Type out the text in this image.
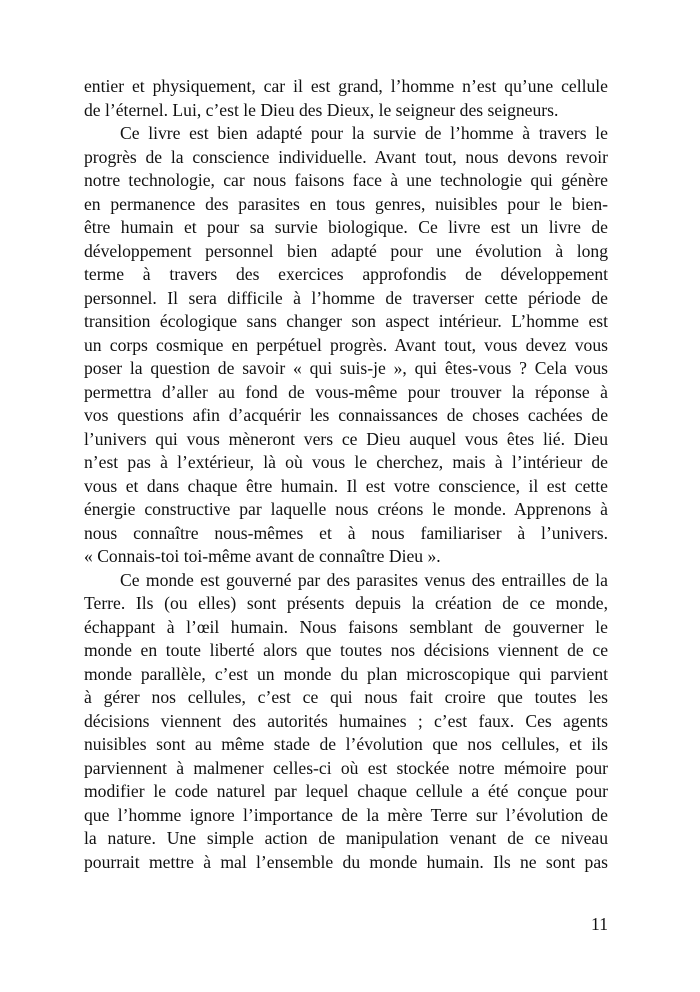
entier et physiquement, car il est grand, l’homme n’est qu’une cellule
de l’éternel. Lui, c’est le Dieu des Dieux, le seigneur des seigneurs.
Ce livre est bien adapté pour la survie de l’homme à travers le
progrès de la conscience individuelle. Avant tout, nous devons revoir
notre technologie, car nous faisons face à une technologie qui génère
en permanence des parasites en tous genres, nuisibles pour le bien-
être humain et pour sa survie biologique. Ce livre est un livre de
développement personnel bien adapté pour une évolution à long
terme à travers des exercices approfondis de développement
personnel. Il sera difficile à l’homme de traverser cette période de
transition écologique sans changer son aspect intérieur. L’homme est
un corps cosmique en perpétuel progrès. Avant tout, vous devez vous
poser la question de savoir « qui suis-je », qui êtes-vous ? Cela vous
permettra d’aller au fond de vous-même pour trouver la réponse à
vos questions afin d’acquérir les connaissances de choses cachées de
l’univers qui vous mèneront vers ce Dieu auquel vous êtes lié. Dieu
n’est pas à l’extérieur, là où vous le cherchez, mais à l’intérieur de
vous et dans chaque être humain. Il est votre conscience, il est cette
énergie constructive par laquelle nous créons le monde. Apprenons à
nous connaître nous-mêmes et à nous familiariser à l’univers.
« Connais-toi toi-même avant de connaître Dieu ».
Ce monde est gouverné par des parasites venus des entrailles de la
Terre. Ils (ou elles) sont présents depuis la création de ce monde,
échappant à l’œil humain. Nous faisons semblant de gouverner le
monde en toute liberté alors que toutes nos décisions viennent de ce
monde parallèle, c’est un monde du plan microscopique qui parvient
à gérer nos cellules, c’est ce qui nous fait croire que toutes les
décisions viennent des autorités humaines ; c’est faux. Ces agents
nuisibles sont au même stade de l’évolution que nos cellules, et ils
parviennent à malmener celles-ci où est stockée notre mémoire pour
modifier le code naturel par lequel chaque cellule a été conçue pour
que l’homme ignore l’importance de la mère Terre sur l’évolution de
la nature. Une simple action de manipulation venant de ce niveau
pourrait mettre à mal l’ensemble du monde humain. Ils ne sont pas
11
